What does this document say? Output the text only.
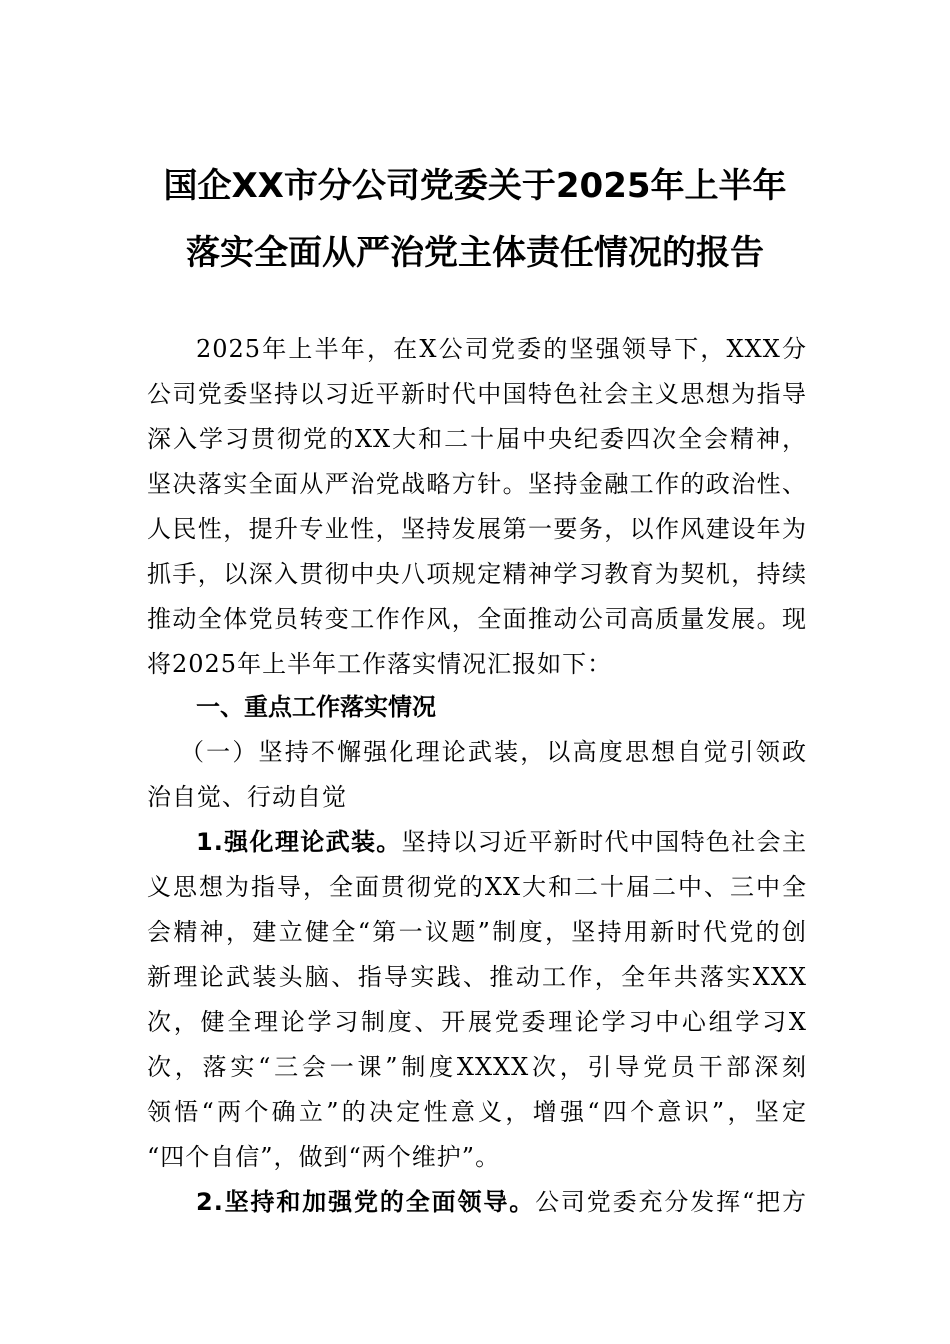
国企XX市分公司党委关于2025年上半年
落实全面从严治党主体责任情况的报告
2025年上半年，在X公司党委的坚强领导下，XXX分
公司党委坚持以习近平新时代中国特色社会主义思想为指导
深入学习贯彻党的XX大和二十届中央纪委四次全会精神，
坚决落实全面从严治党战略方针。坚持金融工作的政治性、
人民性，提升专业性，坚持发展第一要务，以作风建设年为
抓手，以深入贯彻中央八项规定精神学习教育为契机，持续
推动全体党员转变工作作风，全面推动公司高质量发展。现
将2025年上半年工作落实情况汇报如下：
一、重点工作落实情况
（一）坚持不懈强化理论武装，以高度思想自觉引领政
治自觉、行动自觉
1.强化理论武装。坚持以习近平新时代中国特色社会主
义思想为指导，全面贯彻党的XX大和二十届二中、三中全
会精神，建立健全“第一议题”制度，坚持用新时代党的创
新理论武装头脑、指导实践、推动工作，全年共落实XXX
次，健全理论学习制度、开展党委理论学习中心组学习X
次，落实“三会一课”制度XXXX次，引导党员干部深刻
领悟“两个确立”的决定性意义，增强“四个意识”，坚定
“四个自信”，做到“两个维护”。
2.坚持和加强党的全面领导。公司党委充分发挥“把方
